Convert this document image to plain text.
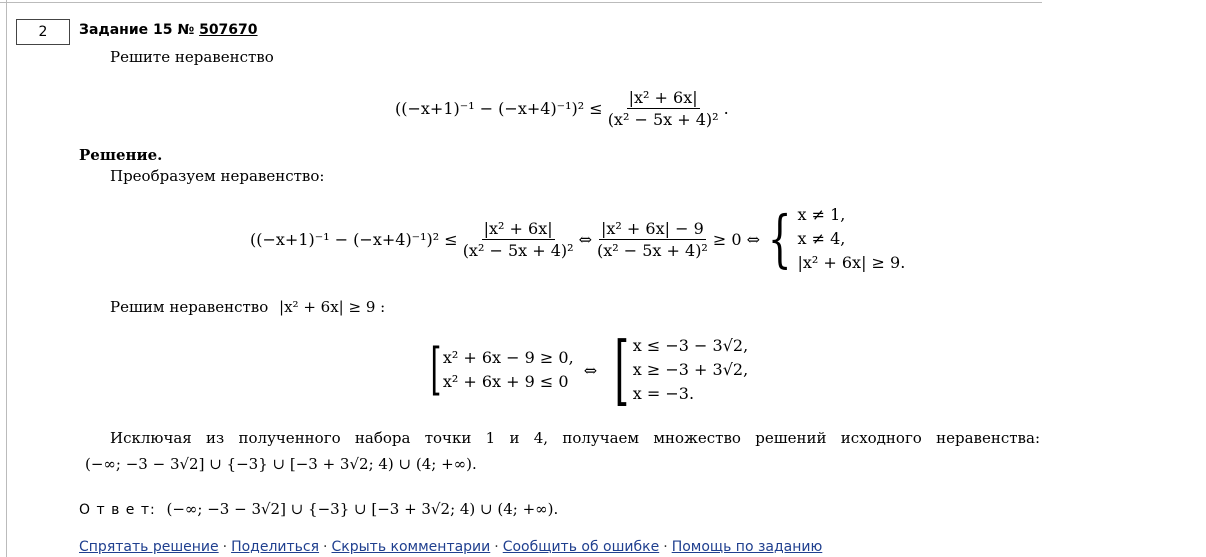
2	Задание 15 № 507670
Решите неравенство
$((-x+1)^{-1} - (-x+4)^{-1})^2 \le \frac{\text{|x² + 6x|}}{\text{(x² − 5x + 4)²}}$ .
Решение.
Преобразуем неравенство:
$((-x+1)^{-1} - (-x+4)^{-1})^2 \le \frac{\text{|x² + 6x|}}{\text{(x² − 5x + 4)²}}$ ⇔ $\frac{\text{|x² + 6x| − 9}}{\text{(x² − 5x + 4)²}} \ge 0$ ⇔ { x ≠ 1,
x ≠ 4,
|x² + 6x| ≥ 9.
Решим неравенство |x² + 6x| ≥ 9 :
[ x² + 6x − 9 ≥ 0,
x² + 6x + 9 ≤ 0
⇔ [ x ≤ −3 − 3√2,
x ≥ −3 + 3√2,
x = −3.
Исключая из полученного набора точки 1 и 4, получаем множество решений исходного неравенства:
(−∞; −3 − 3√2] ∪ {−3} ∪ [−3 + 3√2; 4) ∪ (4; +∞).
О т в е т: (−∞; −3 − 3√2] ∪ {−3} ∪ [−3 + 3√2; 4) ∪ (4; +∞).
Спрятать решение · Поделиться · Скрыть комментарии · Сообщить об ошибке · Помощь по заданию
